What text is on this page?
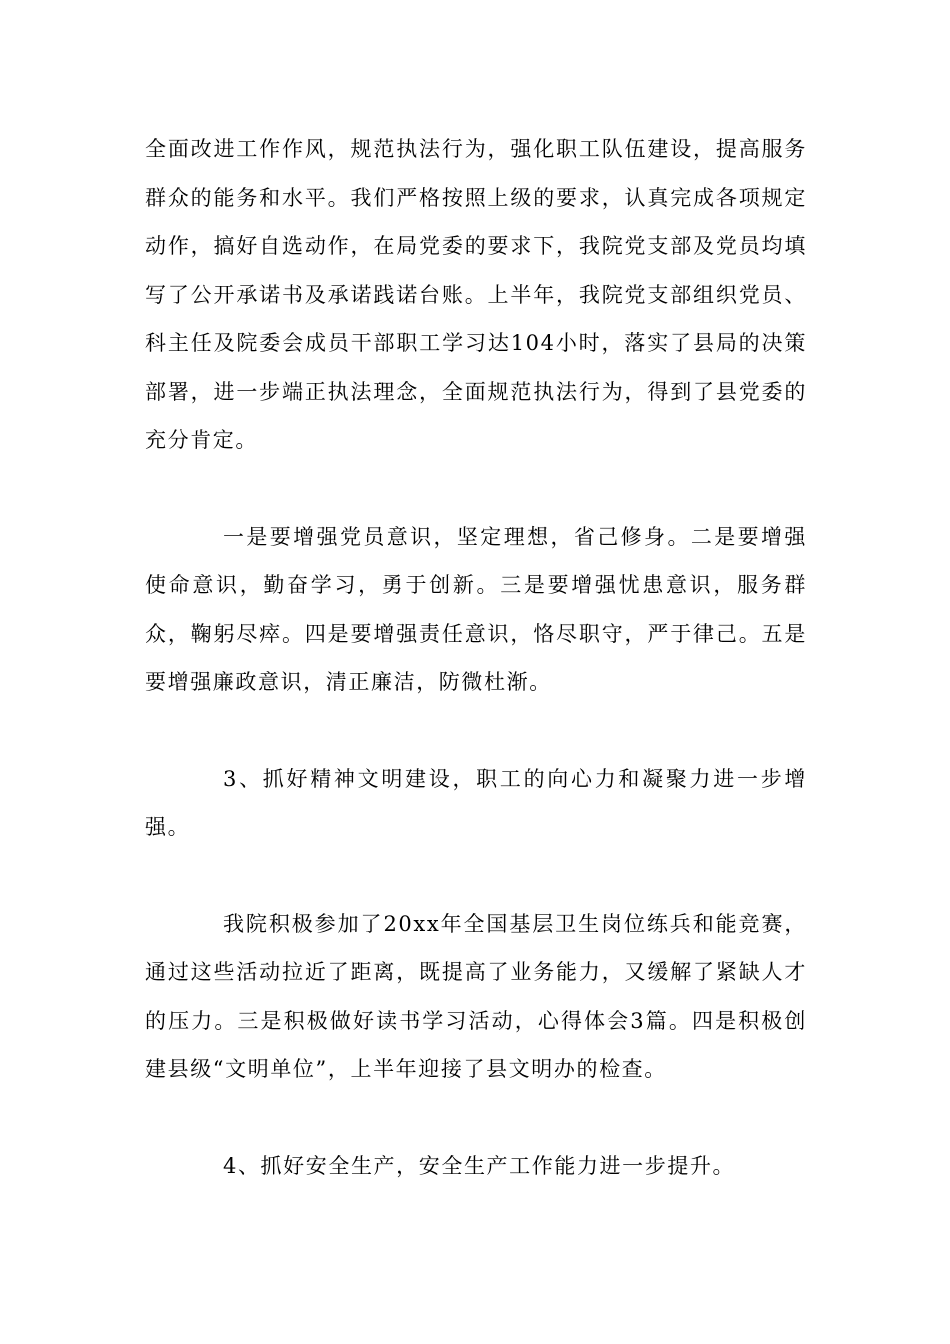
全面改进工作作风，规范执法行为，强化职工队伍建设，提高服务群众的能务和水平。我们严格按照上级的要求，认真完成各项规定动作，搞好自选动作，在局党委的要求下，我院党支部及党员均填写了公开承诺书及承诺践诺台账。上半年，我院党支部组织党员、科主任及院委会成员干部职工学习达104小时，落实了县局的决策部署，进一步端正执法理念，全面规范执法行为，得到了县党委的充分肯定。

一是要增强党员意识，坚定理想，省己修身。二是要增强使命意识，勤奋学习，勇于创新。三是要增强忧患意识，服务群众，鞠躬尽瘁。四是要增强责任意识，恪尽职守，严于律己。五是要增强廉政意识，清正廉洁，防微杜渐。

3、抓好精神文明建设，职工的向心力和凝聚力进一步增强。

我院积极参加了20xx年全国基层卫生岗位练兵和能竞赛，通过这些活动拉近了距离，既提高了业务能力，又缓解了紧缺人才的压力。三是积极做好读书学习活动，心得体会3篇。四是积极创建县级“文明单位”，上半年迎接了县文明办的检查。

4、抓好安全生产，安全生产工作能力进一步提升。
